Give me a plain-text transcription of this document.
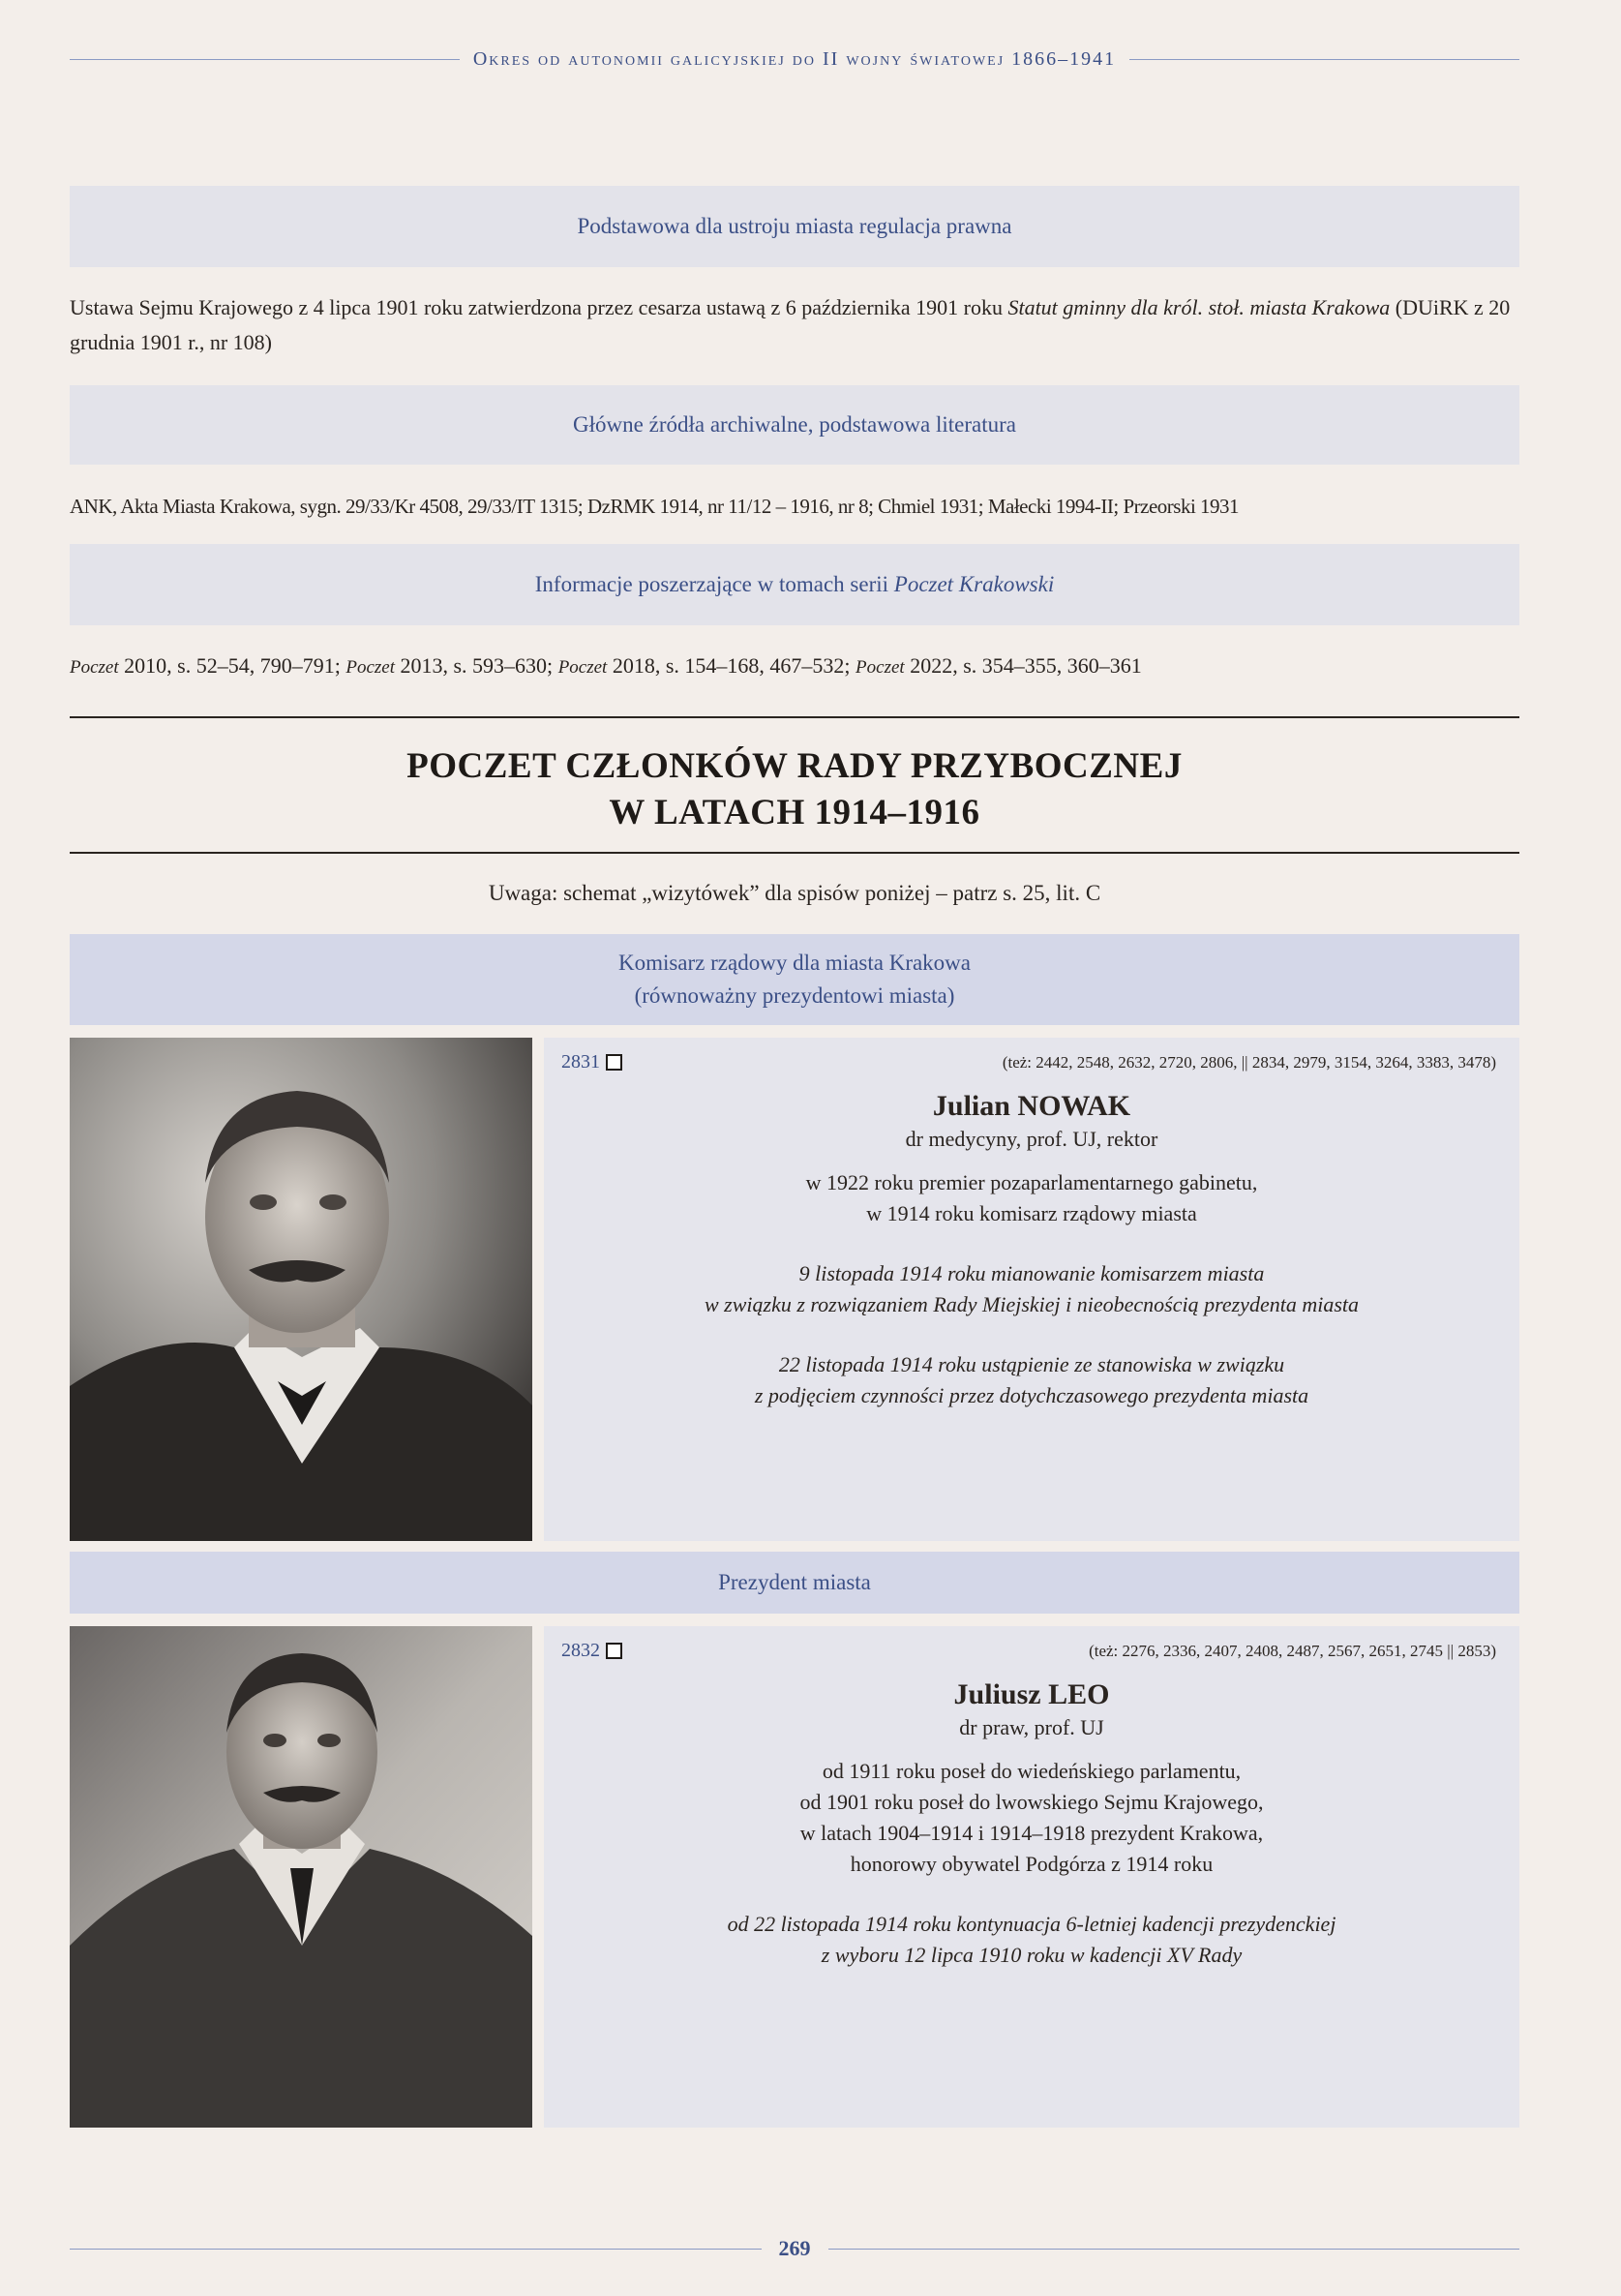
Okres od autonomii galicyjskiej do II wojny światowej 1866–1941
Podstawowa dla ustroju miasta regulacja prawna
Ustawa Sejmu Krajowego z 4 lipca 1901 roku zatwierdzona przez cesarza ustawą z 6 października 1901 roku Statut gminny dla król. stoł. miasta Krakowa (DUiRK z 20 grudnia 1901 r., nr 108)
Główne źródła archiwalne, podstawowa literatura
ANK, Akta Miasta Krakowa, sygn. 29/33/Kr 4508, 29/33/IT 1315; DzRMK 1914, nr 11/12 – 1916, nr 8; Chmiel 1931; Małecki 1994-II; Przeorski 1931
Informacje poszerzające w tomach serii Poczet Krakowski
Poczet 2010, s. 52–54, 790–791; Poczet 2013, s. 593–630; Poczet 2018, s. 154–168, 467–532; Poczet 2022, s. 354–355, 360–361
POCZET CZŁONKÓW RADY PRZYBOCZNEJ
W LATACH 1914–1916
Uwaga: schemat „wizytówek” dla spisów poniżej – patrz s. 25, lit. C
Komisarz rządowy dla miasta Krakowa
(równoważny prezydentowi miasta)
2831	(też: 2442, 2548, 2632, 2720, 2806, || 2834, 2979, 3154, 3264, 3383, 3478)
Julian NOWAK
dr medycyny, prof. UJ, rektor
w 1922 roku premier pozaparlamentarnego gabinetu,
w 1914 roku komisarz rządowy miasta
9 listopada 1914 roku mianowanie komisarzem miasta
w związku z rozwiązaniem Rady Miejskiej i nieobecnością prezydenta miasta
22 listopada 1914 roku ustąpienie ze stanowiska w związku
z podjęciem czynności przez dotychczasowego prezydenta miasta
Prezydent miasta
2832	(też: 2276, 2336, 2407, 2408, 2487, 2567, 2651, 2745 || 2853)
Juliusz LEO
dr praw, prof. UJ
od 1911 roku poseł do wiedeńskiego parlamentu,
od 1901 roku poseł do lwowskiego Sejmu Krajowego,
w latach 1904–1914 i 1914–1918 prezydent Krakowa,
honorowy obywatel Podgórza z 1914 roku
od 22 listopada 1914 roku kontynuacja 6-letniej kadencji prezydenckiej
z wyboru 12 lipca 1910 roku w kadencji XV Rady
269
